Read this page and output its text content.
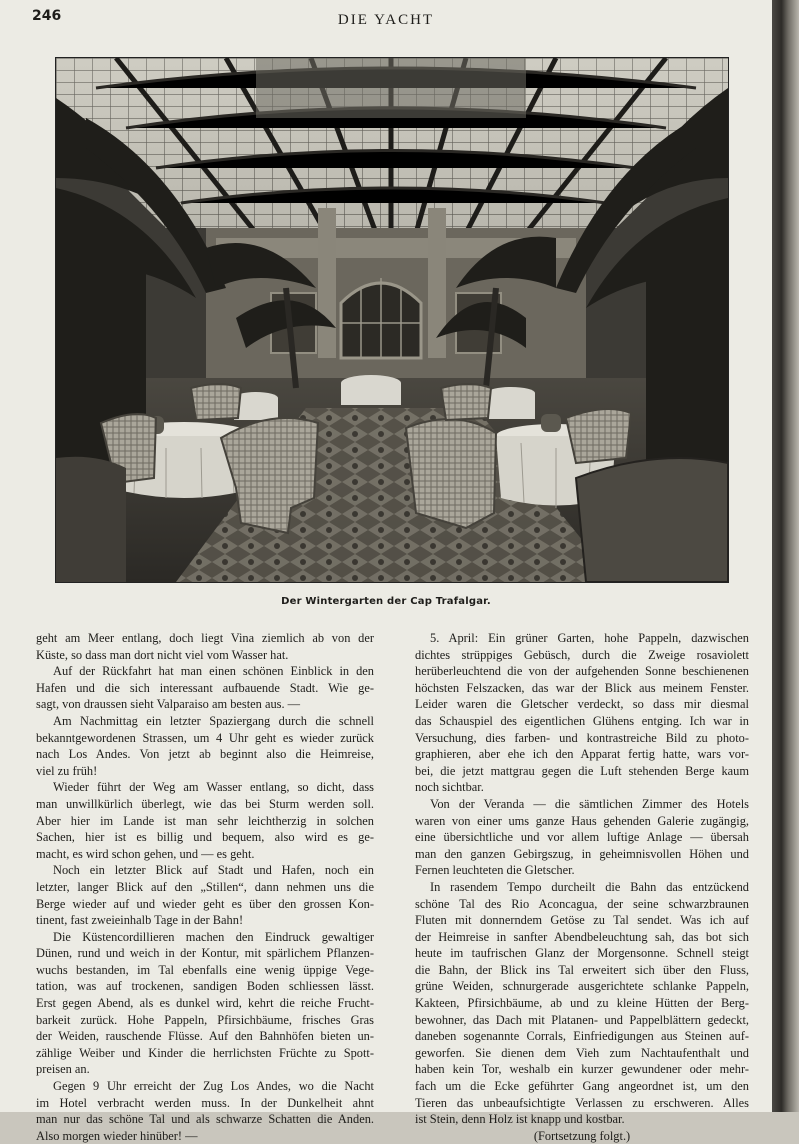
246	DIE YACHT
Der Wintergarten der Cap Trafalgar.
geht am Meer entlang, doch liegt Vina ziemlich ab von der
Küste, so dass man dort nicht viel vom Wasser hat.
Auf der Rückfahrt hat man einen schönen Einblick in den
Hafen und die sich interessant aufbauende Stadt. Wie ge-
sagt, von draussen sieht Valparaiso am besten aus. —
Am Nachmittag ein letzter Spaziergang durch die schnell
bekanntgewordenen Strassen, um 4 Uhr geht es wieder zurück
nach Los Andes. Von jetzt ab beginnt also die Heimreise,
viel zu früh!
Wieder führt der Weg am Wasser entlang, so dicht, dass
man unwillkürlich überlegt, wie das bei Sturm werden soll.
Aber hier im Lande ist man sehr leichtherzig in solchen
Sachen, hier ist es billig und bequem, also wird es ge-
macht, es wird schon gehen, und — es geht.
Noch ein letzter Blick auf Stadt und Hafen, noch ein
letzter, langer Blick auf den „Stillen“, dann nehmen uns die
Berge wieder auf und wieder geht es über den grossen Kon-
tinent, fast zweieinhalb Tage in der Bahn!
Die Küstencordillieren machen den Eindruck gewaltiger
Dünen, rund und weich in der Kontur, mit spärlichem Pflanzen-
wuchs bestanden, im Tal ebenfalls eine wenig üppige Vege-
tation, was auf trockenen, sandigen Boden schliessen lässt.
Erst gegen Abend, als es dunkel wird, kehrt die reiche Frucht-
barkeit zurück. Hohe Pappeln, Pfirsichbäume, frisches Gras
der Weiden, rauschende Flüsse. Auf den Bahnhöfen bieten un-
zählige Weiber und Kinder die herrlichsten Früchte zu Spott-
preisen an.
Gegen 9 Uhr erreicht der Zug Los Andes, wo die Nacht
im Hotel verbracht werden muss. In der Dunkelheit ahnt
man nur das schöne Tal und als schwarze Schatten die Anden.
Also morgen wieder hinüber! —
5. April: Ein grüner Garten, hohe Pappeln, dazwischen
dichtes strüppiges Gebüsch, durch die Zweige rosaviolett
herüberleuchtend die von der aufgehenden Sonne beschienenen
höchsten Felszacken, das war der Blick aus meinem Fenster.
Leider waren die Gletscher verdeckt, so dass mir diesmal
das Schauspiel des eigentlichen Glühens entging. Ich war in
Versuchung, dies farben- und kontrastreiche Bild zu photo-
graphieren, aber ehe ich den Apparat fertig hatte, wars vor-
bei, die jetzt mattgrau gegen die Luft stehenden Berge kaum
noch sichtbar.
Von der Veranda — die sämtlichen Zimmer des Hotels
waren von einer ums ganze Haus gehenden Galerie zugängig,
eine übersichtliche und vor allem luftige Anlage — übersah
man den ganzen Gebirgszug, in geheimnisvollen Höhen und
Fernen leuchteten die Gletscher.
In rasendem Tempo durcheilt die Bahn das entzückend
schöne Tal des Rio Aconcagua, der seine schwarzbraunen
Fluten mit donnerndem Getöse zu Tal sendet. Was ich auf
der Heimreise in sanfter Abendbeleuchtung sah, das bot sich
heute im taufrischen Glanz der Morgensonne. Schnell steigt
die Bahn, der Blick ins Tal erweitert sich über den Fluss,
grüne Weiden, schnurgerade ausgerichtete schlanke Pappeln,
Kakteen, Pfirsichbäume, ab und zu kleine Hütten der Berg-
bewohner, das Dach mit Platanen- und Pappelblättern gedeckt,
daneben sogenannte Corrals, Einfriedigungen aus Steinen auf-
geworfen. Sie dienen dem Vieh zum Nachtaufenthalt und
haben kein Tor, weshalb ein kurzer gewundener oder mehr-
fach um die Ecke geführter Gang angeordnet ist, um den
Tieren das unbeaufsichtigte Verlassen zu erschweren. Alles
ist Stein, denn Holz ist knapp und kostbar.
(Fortsetzung folgt.)
